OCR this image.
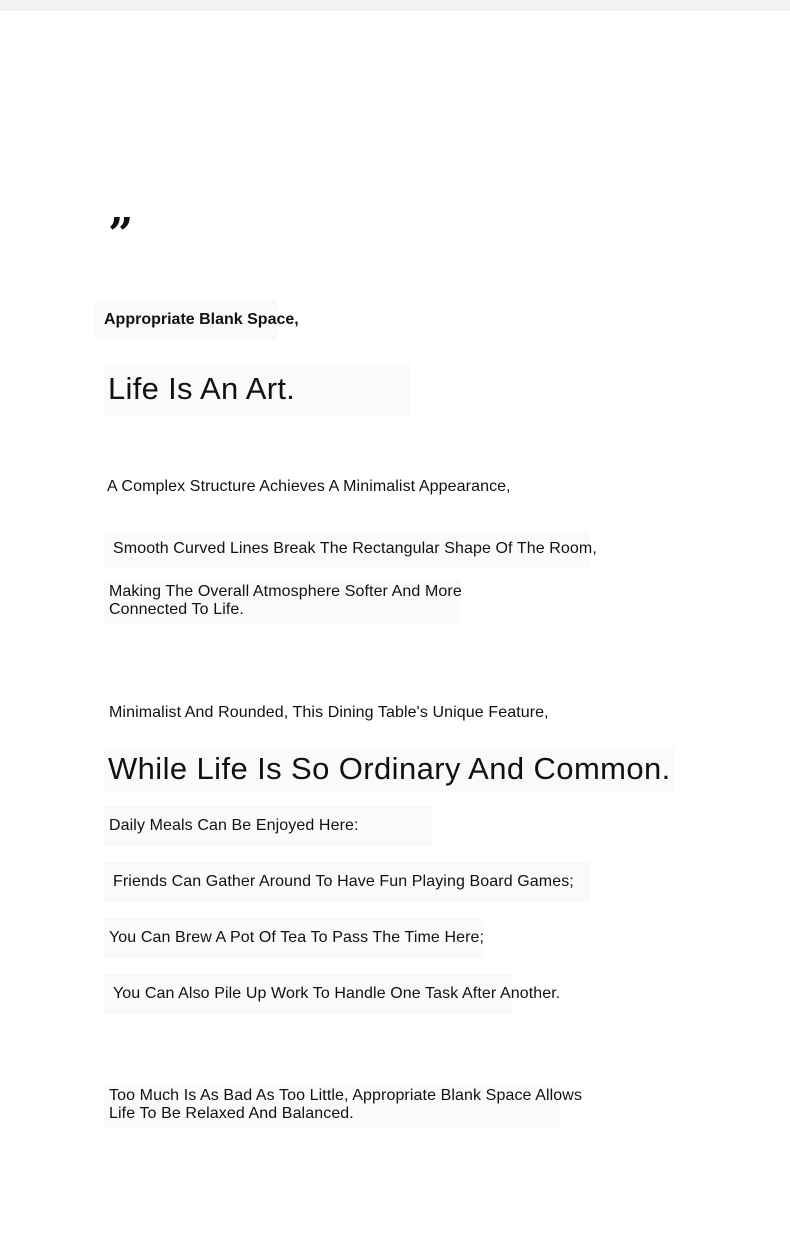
”
Appropriate Blank Space,
Life Is An Art.
A Complex Structure Achieves A Minimalist Appearance,
Smooth Curved Lines Break The Rectangular Shape Of The Room,
Making The Overall Atmosphere Softer And More
Connected To Life.
Minimalist And Rounded, This Dining Table's Unique Feature,
While Life Is So Ordinary And Common.
Daily Meals Can Be Enjoyed Here:
Friends Can Gather Around To Have Fun Playing Board Games;
You Can Brew A Pot Of Tea To Pass The Time Here;
You Can Also Pile Up Work To Handle One Task After Another.
Too Much Is As Bad As Too Little, Appropriate Blank Space Allows
Life To Be Relaxed And Balanced.
